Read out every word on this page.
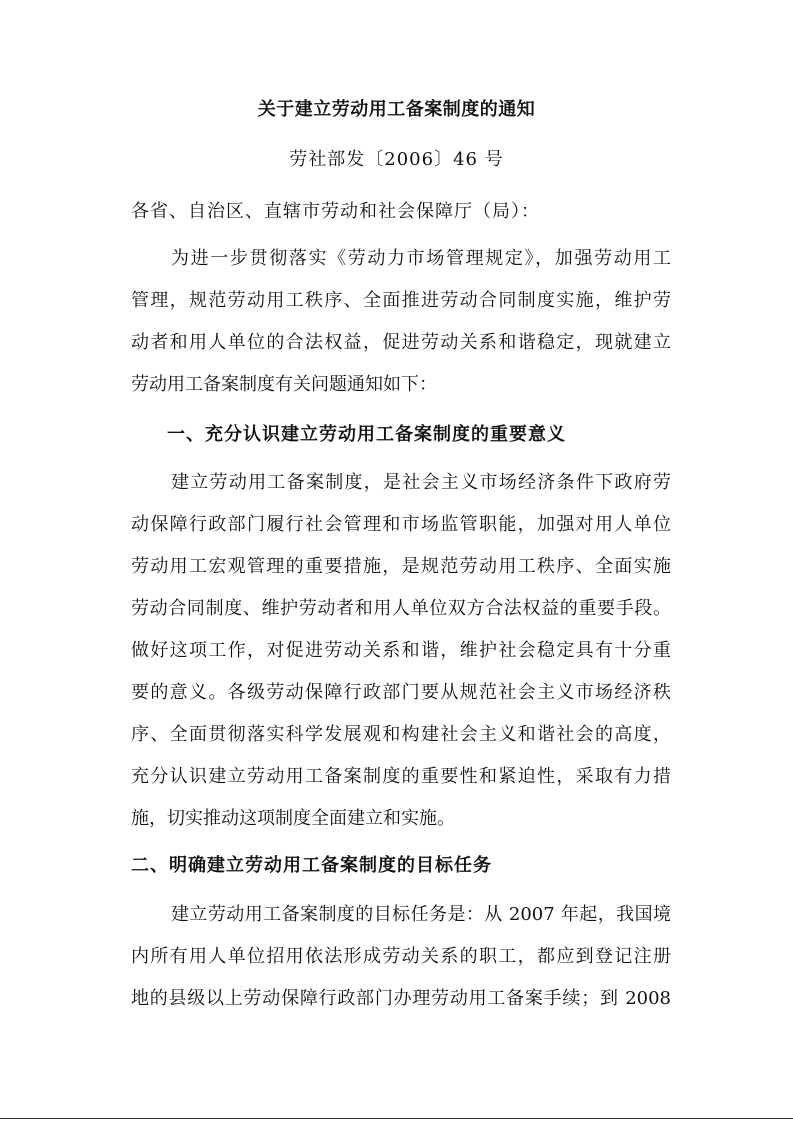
关于建立劳动用工备案制度的通知
劳社部发〔2006〕46 号
各省、自治区、直辖市劳动和社会保障厅（局）：
为进一步贯彻落实《劳动力市场管理规定》，加强劳动用工
管理，规范劳动用工秩序、全面推进劳动合同制度实施，维护劳
动者和用人单位的合法权益，促进劳动关系和谐稳定，现就建立
劳动用工备案制度有关问题通知如下：
一、充分认识建立劳动用工备案制度的重要意义
建立劳动用工备案制度，是社会主义市场经济条件下政府劳
动保障行政部门履行社会管理和市场监管职能，加强对用人单位
劳动用工宏观管理的重要措施，是规范劳动用工秩序、全面实施
劳动合同制度、维护劳动者和用人单位双方合法权益的重要手段。
做好这项工作，对促进劳动关系和谐，维护社会稳定具有十分重
要的意义。各级劳动保障行政部门要从规范社会主义市场经济秩
序、全面贯彻落实科学发展观和构建社会主义和谐社会的高度，
充分认识建立劳动用工备案制度的重要性和紧迫性，采取有力措
施，切实推动这项制度全面建立和实施。
二、明确建立劳动用工备案制度的目标任务
建立劳动用工备案制度的目标任务是：从 2007 年起，我国境
内所有用人单位招用依法形成劳动关系的职工，都应到登记注册
地的县级以上劳动保障行政部门办理劳动用工备案手续；到 2008
